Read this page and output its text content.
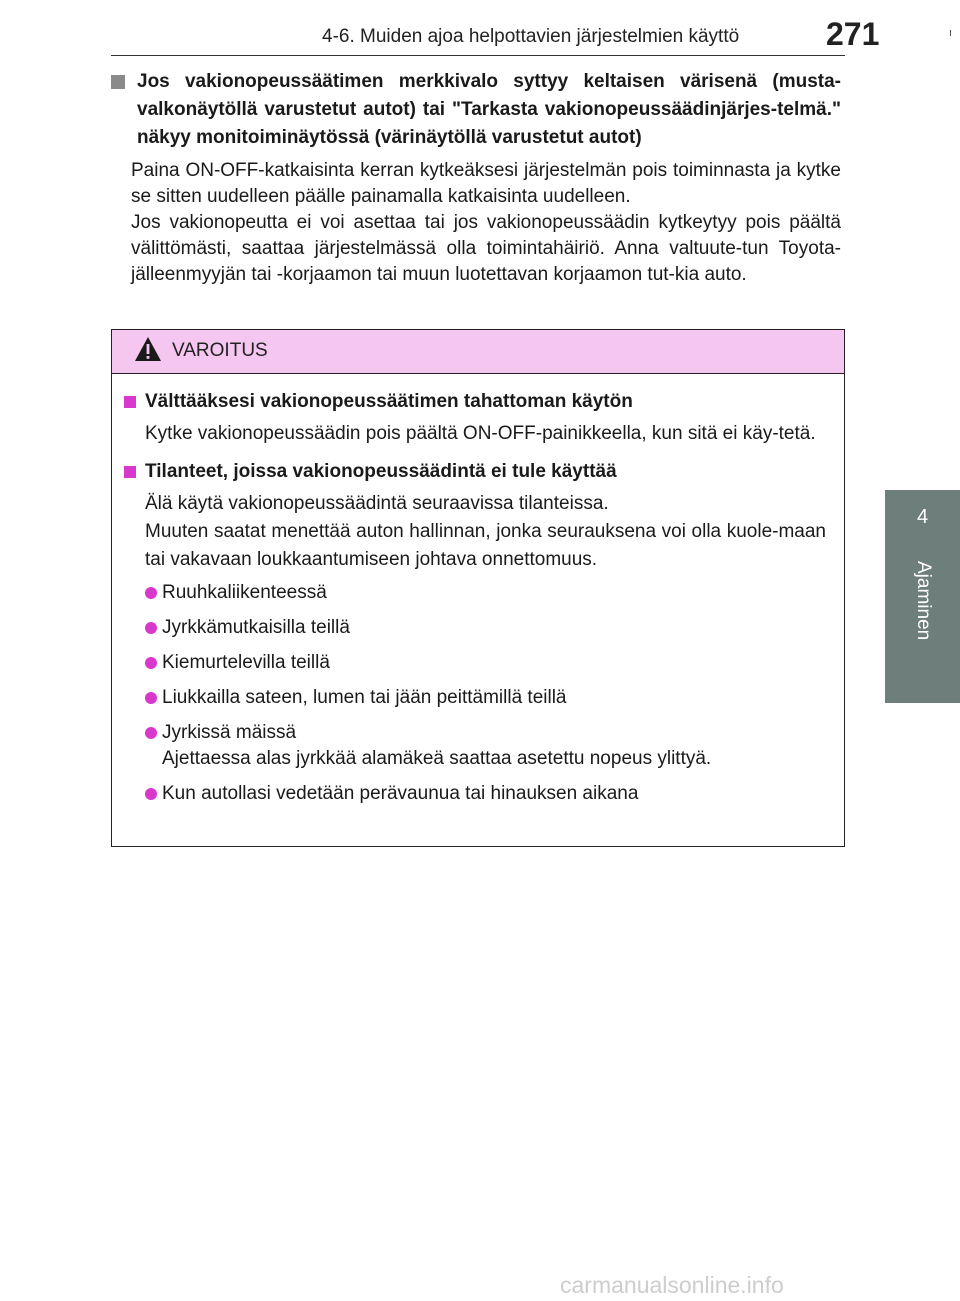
4-6. Muiden ajoa helpottavien järjestelmien käyttö	271
4
Ajaminen
Jos vakionopeussäätimen merkkivalo syttyy keltaisen värisenä (musta-valkonäytöllä varustetut autot) tai "Tarkasta vakionopeussäädinjärjes-telmä." näkyy monitoiminäytössä (värinäytöllä varustetut autot)
Paina ON-OFF-katkaisinta kerran kytkeäksesi järjestelmän pois toiminnasta ja kytke se sitten uudelleen päälle painamalla katkaisinta uudelleen.
Jos vakionopeutta ei voi asettaa tai jos vakionopeussäädin kytkeytyy pois päältä välittömästi, saattaa järjestelmässä olla toimintahäiriö. Anna valtuute-tun Toyota-jälleenmyyjän tai -korjaamon tai muun luotettavan korjaamon tut-kia auto.
VAROITUS
Välttääksesi vakionopeussäätimen tahattoman käytön
Kytke vakionopeussäädin pois päältä ON-OFF-painikkeella, kun sitä ei käy-tetä.
Tilanteet, joissa vakionopeussäädintä ei tule käyttää
Älä käytä vakionopeussäädintä seuraavissa tilanteissa.
Muuten saatat menettää auton hallinnan, jonka seurauksena voi olla kuole-maan tai vakavaan loukkaantumiseen johtava onnettomuus.
Ruuhkaliikenteessä
Jyrkkämutkaisilla teillä
Kiemurtelevilla teillä
Liukkailla sateen, lumen tai jään peittämillä teillä
Jyrkissä mäissä
Ajettaessa alas jyrkkää alamäkeä saattaa asetettu nopeus ylittyä.
Kun autollasi vedetään perävaunua tai hinauksen aikana
carmanualsonline.info
